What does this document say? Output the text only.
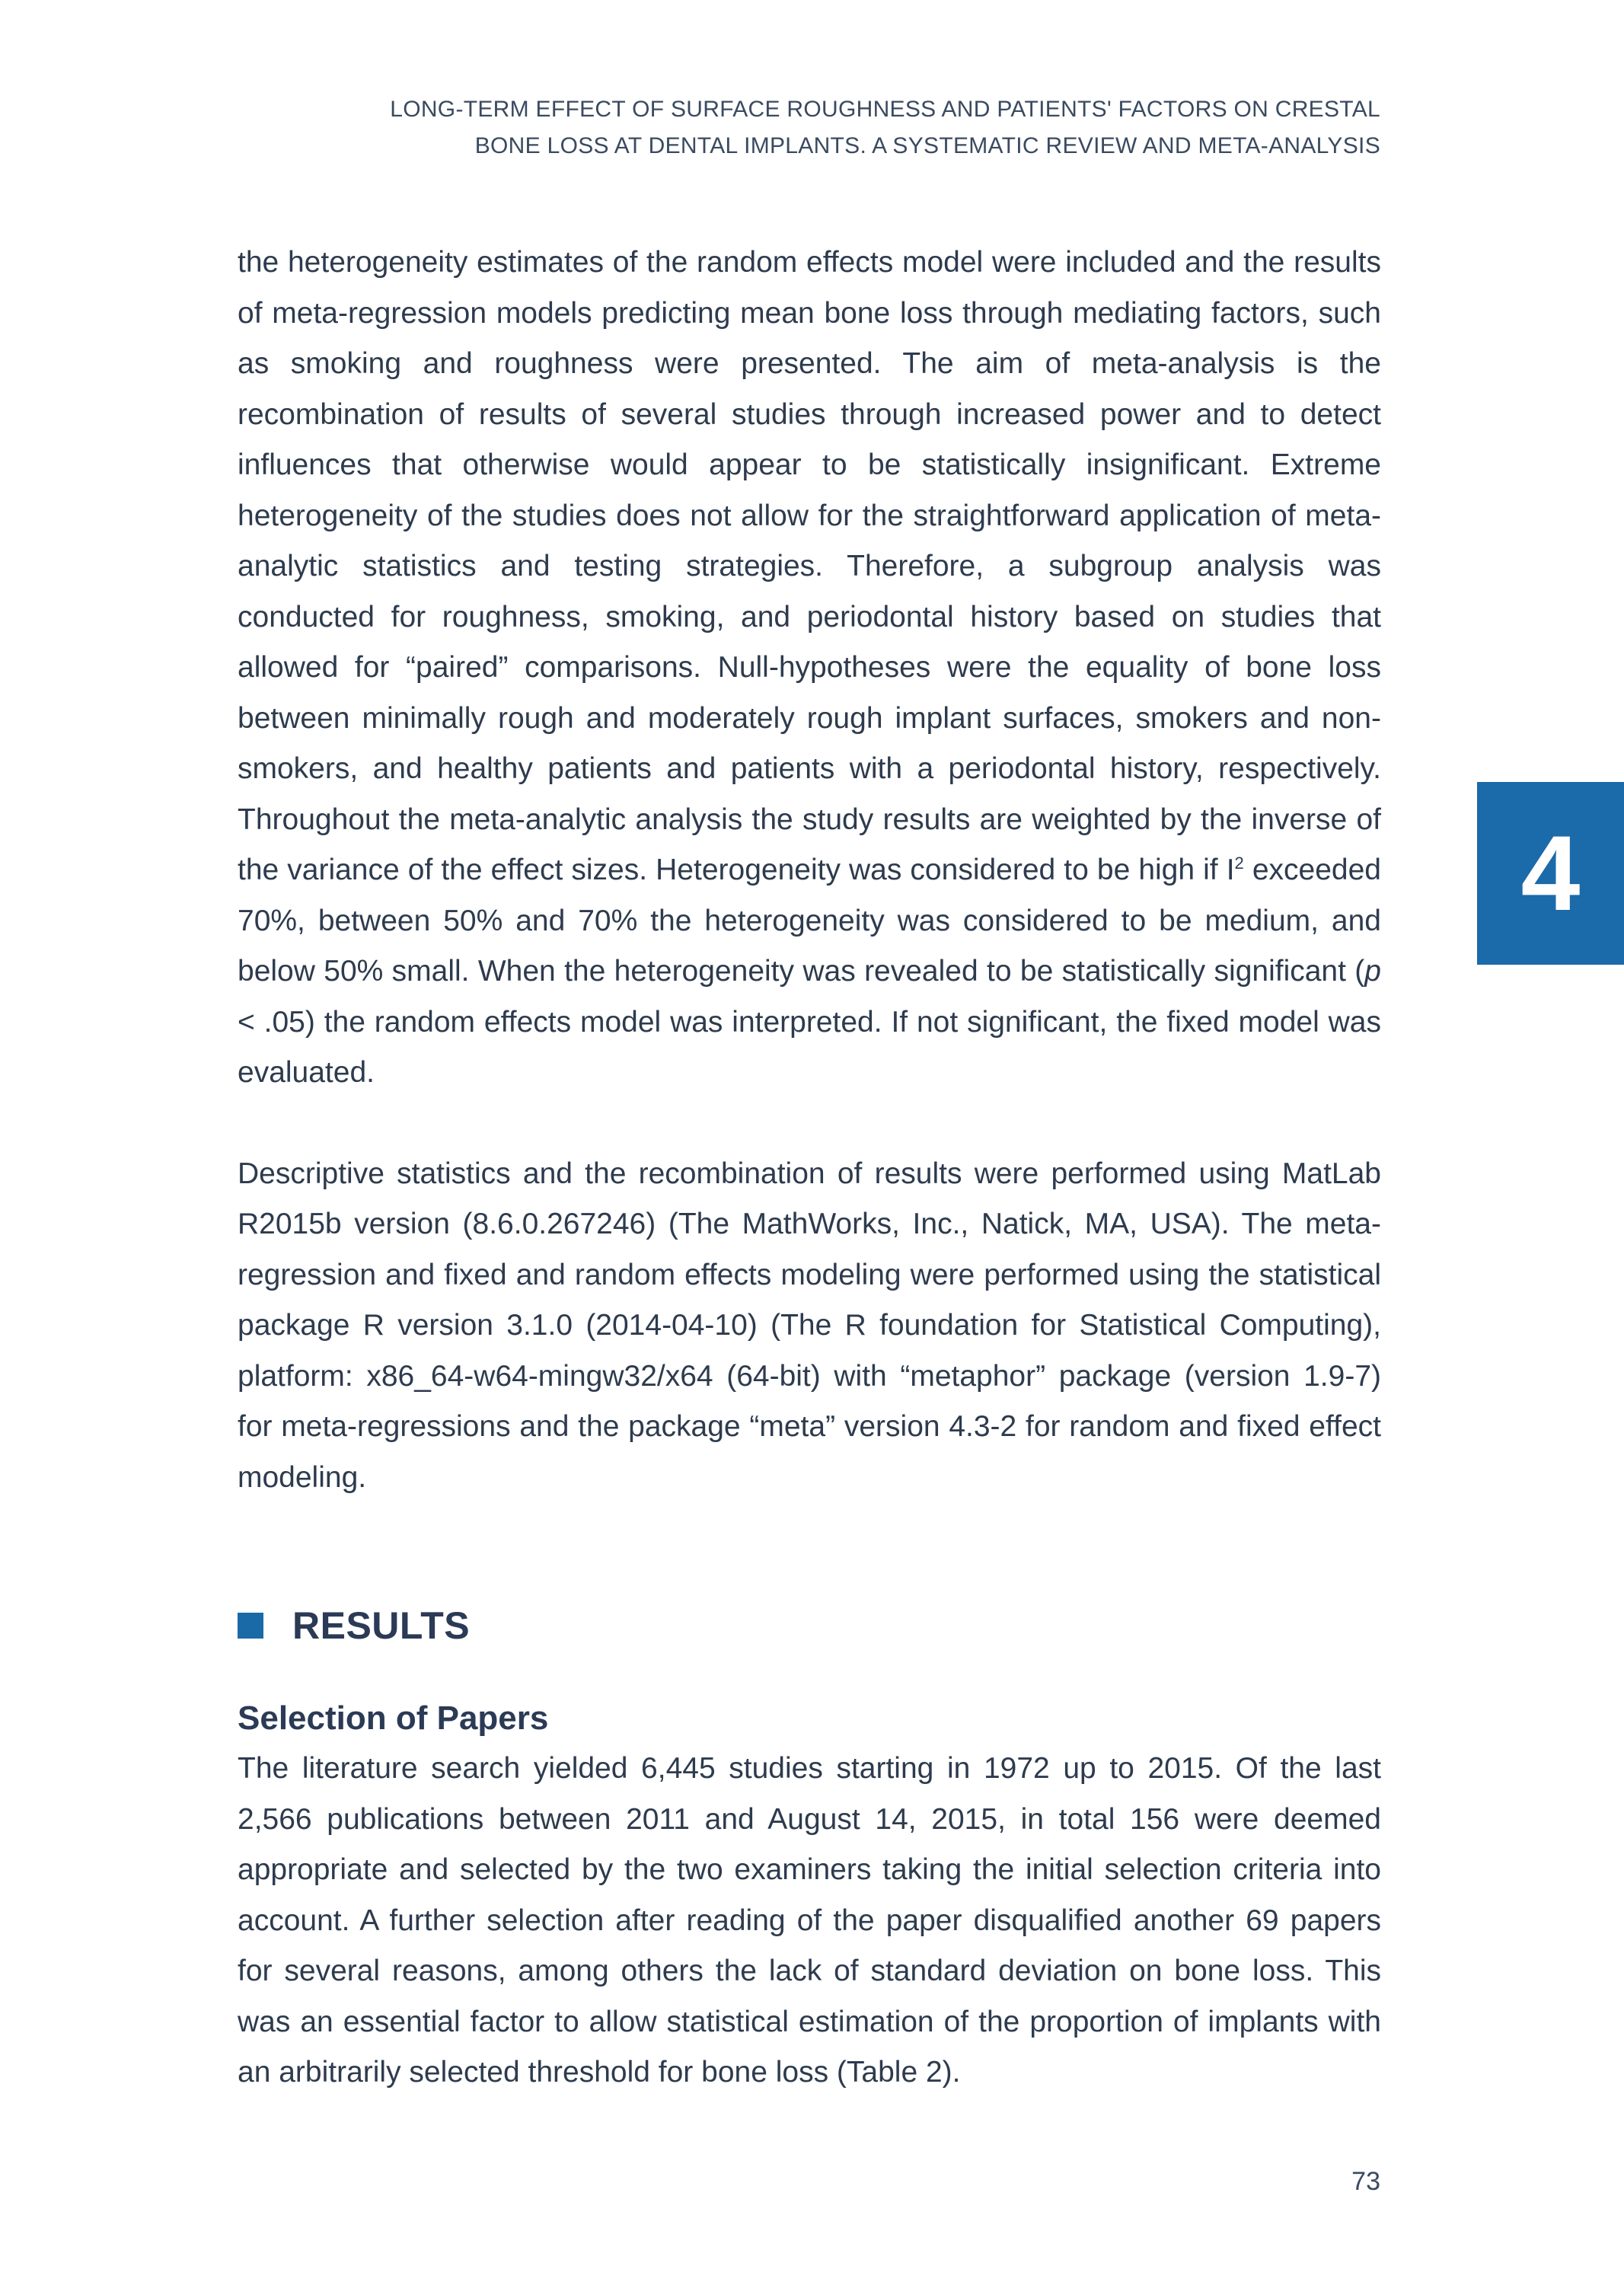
LONG-TERM EFFECT OF SURFACE ROUGHNESS AND PATIENTS' FACTORS ON CRESTAL
BONE LOSS AT DENTAL IMPLANTS. A SYSTEMATIC REVIEW AND META-ANALYSIS

the heterogeneity estimates of the random effects model were included and the results of meta-regression models predicting mean bone loss through mediating factors, such as smoking and roughness were presented. The aim of meta-analysis is the recombination of results of several studies through increased power and to detect influences that otherwise would appear to be statistically insignificant. Extreme heterogeneity of the studies does not allow for the straightforward application of meta-analytic statistics and testing strategies. Therefore, a subgroup analysis was conducted for roughness, smoking, and periodontal history based on studies that allowed for “paired” comparisons. Null-hypotheses were the equality of bone loss between minimally rough and moderately rough implant surfaces, smokers and non-smokers, and healthy patients and patients with a periodontal history, respectively. Throughout the meta-analytic analysis the study results are weighted by the inverse of the variance of the effect sizes. Heterogeneity was considered to be high if $I^2$ exceeded 70%, between 50% and 70% the heterogeneity was considered to be medium, and below 50% small. When the heterogeneity was revealed to be statistically significant (p < .05) the random effects model was interpreted. If not significant, the fixed model was evaluated.

Descriptive statistics and the recombination of results were performed using MatLab R2015b version (8.6.0.267246) (The MathWorks, Inc., Natick, MA, USA). The meta-regression and fixed and random effects modeling were performed using the statistical package R version 3.1.0 (2014-04-10) (The R foundation for Statistical Computing), platform: x86_64-w64-mingw32/x64 (64-bit) with “metaphor” package (version 1.9-7) for meta-regressions and the package “meta” version 4.3-2 for random and fixed effect modeling.

RESULTS
Selection of Papers

The literature search yielded 6,445 studies starting in 1972 up to 2015. Of the last 2,566 publications between 2011 and August 14, 2015, in total 156 were deemed appropriate and selected by the two examiners taking the initial selection criteria into account. A further selection after reading of the paper disqualified another 69 papers for several reasons, among others the lack of standard deviation on bone loss. This was an essential factor to allow statistical estimation of the proportion of implants with an arbitrarily selected threshold for bone loss (Table 2).

4
73
